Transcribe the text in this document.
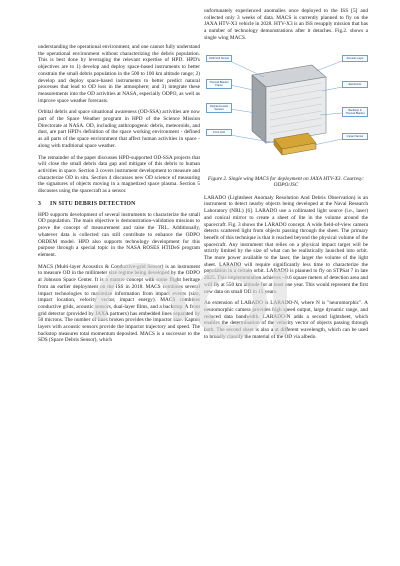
understanding the operational environment, and one cannot fully understand the operational environment without characterizing the debris population. This is best done by leveraging the relevant expertise of HPD. HPD's objectives are to 1) develop and deploy space-based instruments to better constrain the small debris population in the 500 to 100 km altitude range; 2) develop and deploy space-based instruments to better predict natural processes that lead to OD loss in the atmosphere; and 3) integrate these measurements into the OD activities at NASA, especially ODPO, as well as improve space weather forecasts.

Orbital debris and space situational awareness (OD-SSA) activities are now part of the Space Weather program in HPD of the Science Mission Directorate at NASA. OD, including anthropogenic debris, meteoroids, and dust, are part HPD's definition of the space working environment - defined as all parts of the space environment that affect human activities in space - along with traditional space weather.

The remainder of the paper discusses HPD-supported OD-SSA projects that will close the small debris data gap and mitigate of this debris to human activities in space. Section 3 covers instrument development to measure and characterize OD in situ. Section 4 discusses new OD science of measuring the signatures of objects moving in a magnetized space plasma. Section 5 discusses using the spacecraft as a sensor.

3 IN SITU DEBRIS DETECTION

HPD supports development of several instruments to characterize the small OD population. The main objective is demonstration-validation missions to prove the concept of measurement and raise the TRL. Additionally, whatever data is collected can still contribute to enhance the ODPO ORDEM model. HPD also supports technology development for this purpose through a special topic in the NASA ROSES HTIDeS program element.

MACS (Multi-layer Acoustics & Conductive-grid Sensor) is an instrument to measure OD in the millimeter size regime being developed by the ODPO at Johnson Space Center. It is a mature concept with some flight heritage from an earlier deployment on the ISS in 2018. MACS combines several impact technologies to maximize information from impact events (size, impact location, velocity vector, impact energy). MACS combines conductive grids, acoustic sensors, dual-layer films, and a backstop. A front grid detector (provided by JAXA partners) has embedded lines separated by 50 microns. The number of lines broken provides the impactor size. Kapton layers with acoustic sensors provide the impactor trajectory and speed. The backstop measures total momentum deposited. MACS is a successor to the SDS (Space Debris Sensor), which

unfortunately experienced anomalies once deployed to the ISS [5] and collected only 3 weeks of data. MACS is currently planned to fly on the JAXA HTV-X3 vehicle in 2028. HTV-X3 is an ISS resupply mission that has a number of technology demonstrations after it detaches. Fig.2. shows a single wing MACS.

OHD Grid Sensor
Thermal Blanket Frame
Optical Acoustic Sensors
Front Grid
Acoustic Layer
Electronics
Backstop & Thermal Blanket
Impact Sensor

Figure 2. Single wing MACS for deployment on JAXA HTV-X3. Courtesy: ODPO/JSC

LARADO (Lightsheet Anomaly Resolution And Debris Observation) is an instrument to detect nearby objects being developed at the Naval Research Laboratory (NRL) [6]. LARADO use a collimated light source (i.e., laser) and conical mirror to create a sheet of lite in the volume around the spacecraft. Fig. 3 shows the LARADO concept. A wide field-of-view camera detects scattered light from objects passing through the sheet. The primary benefit of this technique is that it reached beyond the physical volume of the spacecraft. Any instrument that relies on a physical impact target will be strictly limited by the size of what can be realistically launched into orbit. The more power available to the laser, the larger the volume of the light sheet. LARADO will require significantly less time to characterize the population in a certain orbit. LARADO is planned to fly on STPSat 7 in late 2025. This implementation achieves ~0.6 square meters of detection area and will fly at 550 km altitude for at least one year. This would represent the first new data on small OD in 15 years.

An extension of LARADO is LARADO-N, where N is "neuromorphic". A neuromorphic camera provides high speed output, large dynamic range, and reduced data bandwidth. LARADO-N adds a second lightsheet, which enables the determination of the velocity vector of objects passing through both. The second sheet is also a at different wavelength, which can be used to broadly classify the material of the OD via albedo.
